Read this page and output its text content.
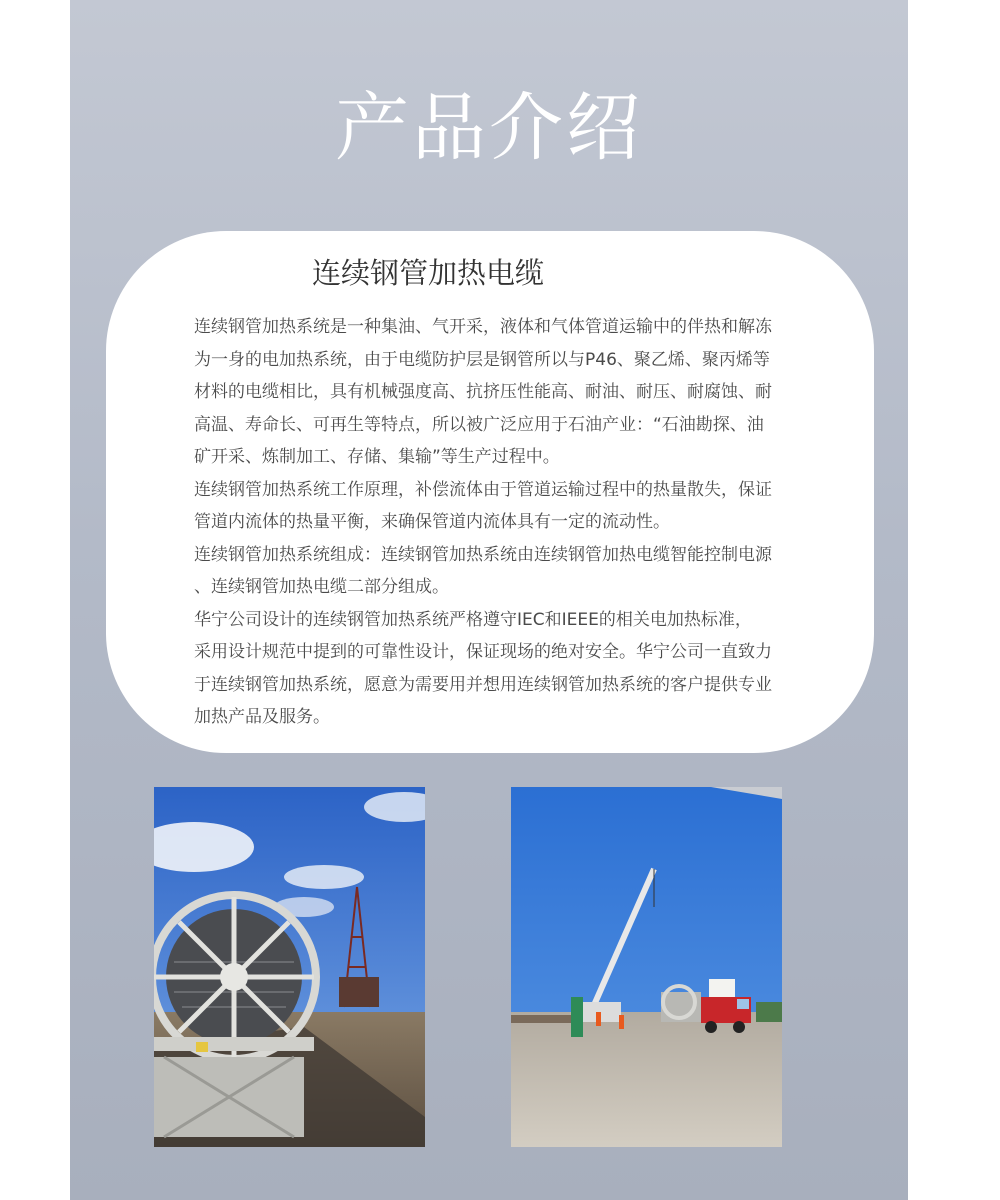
产品介绍
连续钢管加热电缆
连续钢管加热系统是一种集油、气开采，液体和气体管道运输中的伴热和解冻
为一身的电加热系统，由于电缆防护层是钢管所以与P46、聚乙烯、聚丙烯等
材料的电缆相比，具有机械强度高、抗挤压性能高、耐油、耐压、耐腐蚀、耐
高温、寿命长、可再生等特点，所以被广泛应用于石油产业：“石油勘探、油
矿开采、炼制加工、存储、集输”等生产过程中。
连续钢管加热系统工作原理，补偿流体由于管道运输过程中的热量散失，保证
管道内流体的热量平衡，来确保管道内流体具有一定的流动性。
连续钢管加热系统组成：连续钢管加热系统由连续钢管加热电缆智能控制电源
、连续钢管加热电缆二部分组成。
华宁公司设计的连续钢管加热系统严格遵守IEC和IEEE的相关电加热标准，
采用设计规范中提到的可靠性设计，保证现场的绝对安全。华宁公司一直致力
于连续钢管加热系统，愿意为需要用并想用连续钢管加热系统的客户提供专业
加热产品及服务。
